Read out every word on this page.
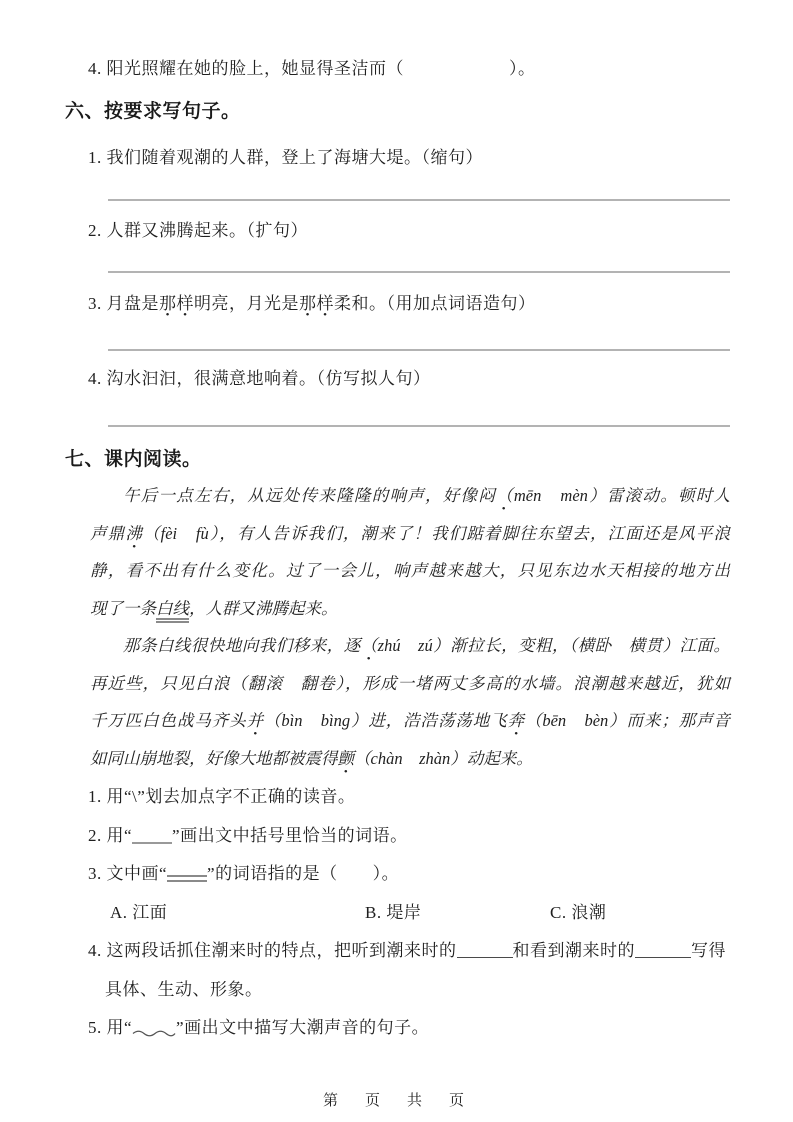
4. 阳光照耀在她的脸上，她显得圣洁而（　　　　　　）。

六、按要求写句子。

1. 我们随着观潮的人群，登上了海塘大堤。（缩句）

2. 人群又沸腾起来。（扩句）

3. 月盘是那样明亮，月光是那样柔和。（用加点词语造句）

4. 沟水汩汩，很满意地响着。（仿写拟人句）

七、课内阅读。
午后一点左右，从远处传来隆隆的响声，好像闷（mēn　mèn）雷滚动。顿时人
声鼎沸（fèi　fù），有人告诉我们，潮来了！我们踮着脚往东望去，江面还是风平浪
静，看不出有什么变化。过了一会儿，响声越来越大，只见东边水天相接的地方出
现了一条白线，人群又沸腾起来。
那条白线很快地向我们移来，逐（zhú　zú）渐拉长，变粗，（横卧　横贯）江面。
再近些，只见白浪（翻滚　翻卷），形成一堵两丈多高的水墙。浪潮越来越近，犹如
千万匹白色战马齐头并（bìn　bìng）进，浩浩荡荡地飞奔（bēn　bèn）而来；那声音
如同山崩地裂，好像大地都被震得颤（chàn　zhàn）动起来。

1. 用“\”划去加点字不正确的读音。

2. 用“ ”画出文中括号里恰当的词语。

3. 文中画“ ”的词语指的是（　　）。

A. 江面	B. 堤岸	C. 浪潮

4. 这两段话抓住潮来时的特点，把听到潮来时的	和看到潮来时的	写得具体、生动、形象。

5. 用“	”画出文中描写大潮声音的句子。

第　页　共　页
